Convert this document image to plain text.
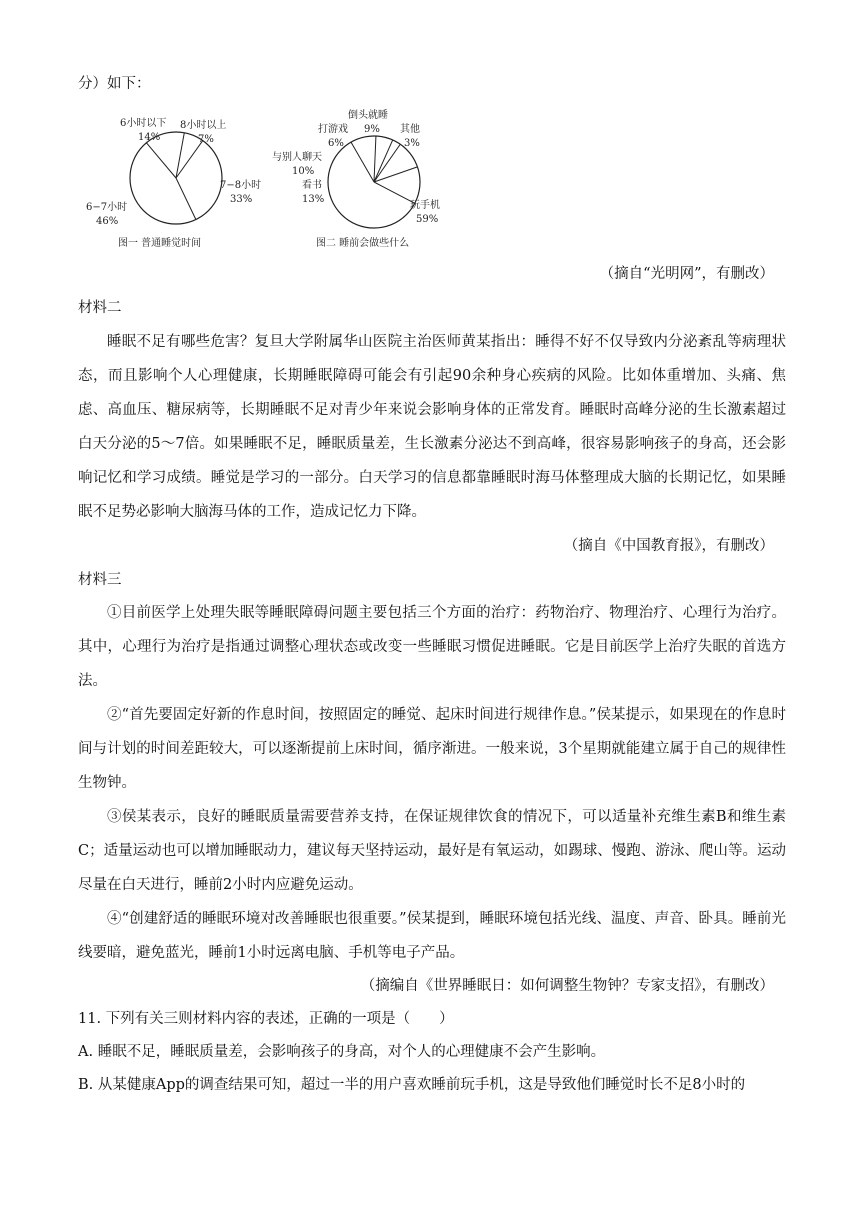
分）如下：
6小时以下
14%
8小时以上
7%
7−8小时
33%
6−7小时
46%
图一 普通睡觉时间
倒头就睡
9%
打游戏
6%
其他
3%
与别人聊天
10%
看书
13%
玩手机
59%
图二 睡前会做些什么
（摘自“光明网”，有删改）
材料二

睡眠不足有哪些危害？复旦大学附属华山医院主治医师黄某指出：睡得不好不仅导致内分泌紊乱等病理状态，而且影响个人心理健康，长期睡眠障碍可能会有引起90余种身心疾病的风险。比如体重增加、头痛、焦虑、高血压、糖尿病等，长期睡眠不足对青少年来说会影响身体的正常发育。睡眠时高峰分泌的生长激素超过白天分泌的5～7倍。如果睡眠不足，睡眠质量差，生长激素分泌达不到高峰，很容易影响孩子的身高，还会影响记忆和学习成绩。睡觉是学习的一部分。白天学习的信息都靠睡眠时海马体整理成大脑的长期记忆，如果睡眠不足势必影响大脑海马体的工作，造成记忆力下降。

（摘自《中国教育报》，有删改）
材料三

①目前医学上处理失眠等睡眠障碍问题主要包括三个方面的治疗：药物治疗、物理治疗、心理行为治疗。其中，心理行为治疗是指通过调整心理状态或改变一些睡眠习惯促进睡眠。它是目前 ·医学上治疗失眠的首选方法。

②“首先要固定好新的作息时间，按照固定的睡觉、起床时间进行规律作息。”侯某提示，如果现在的作息时间与计划的时间差距较大，可以逐渐提前上床时间，循序渐进。一般来说，3个星期就能建立属于自己的规律性生物钟。

③侯某表示，良好的睡眠质量需要营养支持，在保证规律饮食的情况下，可以适量补充维生素B和维生素C；适量运动也可以增加睡眠动力，建议每天坚持运动，最好是有氧运动，如踢球、慢跑、游泳、爬山等。运动尽量在白天进行，睡前2小时内应避免运动。

④“创建舒适的睡眠环境对改善睡眠也很重要。”侯某提到，睡眠环境包括光线、温度、声音、卧具。睡前光线要暗，避免蓝光，睡前1小时远离电脑、手机等电子产品。

（摘编自《世界睡眠日：如何调整生物钟？专家支招》，有删改）
11. 下列有关三则材料内容的表述，正确的一项是（　　）
A. 睡眠不足，睡眠质量差，会影响孩子的身高，对个人的心理健康不会产生影响。
B. 从某健康App的调查结果可知，超过一半的用户喜欢睡前玩手机，这是导致他们睡觉时长不足8小时的
